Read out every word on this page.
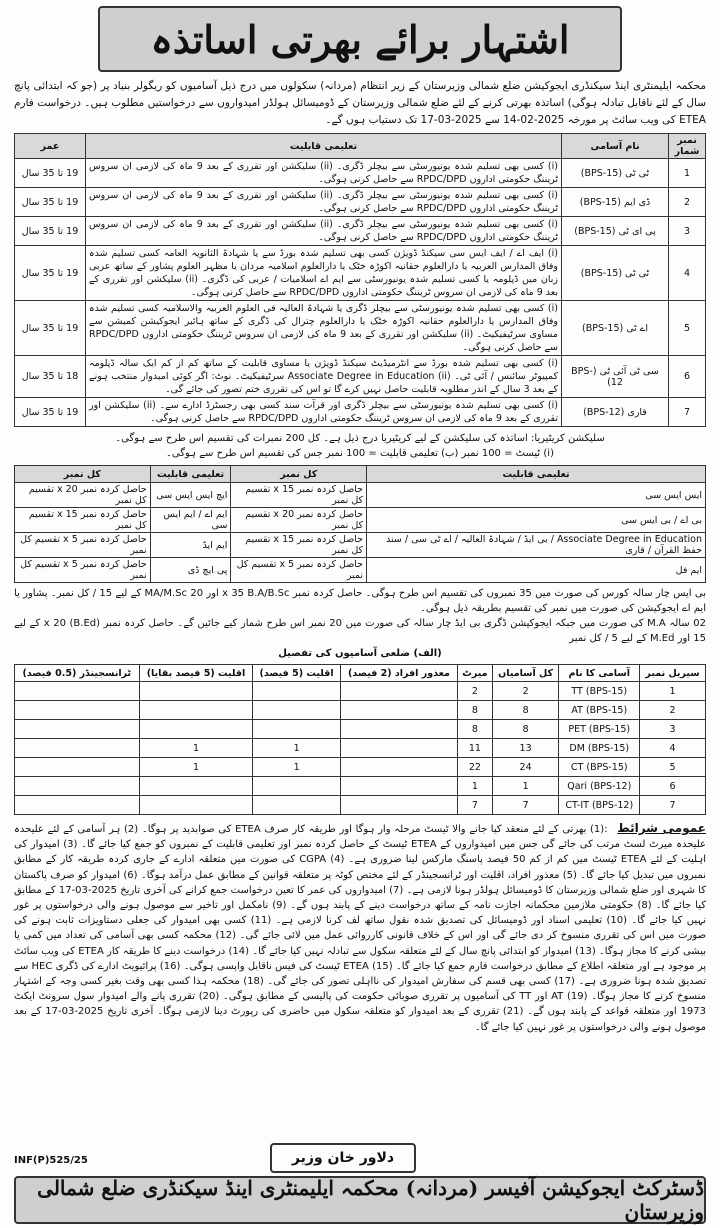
اشتہار برائے بھرتی اساتذہ
محکمہ ایلیمنٹری اینڈ سیکنڈری ایجوکیشن ضلع شمالی وزیرستان کے زیر انتظام (مردانہ) سکولوں میں درج ذیل آسامیوں کو ریگولر بنیاد پر (جو کہ ابتدائی پانچ سال کے لئے ناقابل تبادلہ ہوگی) اساتذہ بھرتی کرنے کے لئے ضلع شمالی وزیرستان کے ڈومیسائل ہولڈر امیدواروں سے درخواستیں مطلوب ہیں۔ درخواست فارم ETEA کی ویب سائٹ پر مورخہ 2025-02-14 سے 2025-03-17 تک دستیاب ہوں گے۔
عمر	تعلیمی قابلیت	نام آسامی	نمبر شمار
19 تا 35 سال	(i) کسی بھی تسلیم شدہ یونیورسٹی سے بیچلر ڈگری۔ (ii) سلیکشن اور تقرری کے بعد 9 ماہ کی لازمی ان سروس ٹریننگ حکومتی اداروں RPDC/DPD سے حاصل کرنی ہوگی۔	ٹی ٹی (BPS-15)	1
19 تا 35 سال	(i) کسی بھی تسلیم شدہ یونیورسٹی سے بیچلر ڈگری۔ (ii) سلیکشن اور تقرری کے بعد 9 ماہ کی لازمی ان سروس ٹریننگ حکومتی اداروں RPDC/DPD سے حاصل کرنی ہوگی۔	ڈی ایم (BPS-15)	2
19 تا 35 سال	(i) کسی بھی تسلیم شدہ یونیورسٹی سے بیچلر ڈگری۔ (ii) سلیکشن اور تقرری کے بعد 9 ماہ کی لازمی ان سروس ٹریننگ حکومتی اداروں RPDC/DPD سے حاصل کرنی ہوگی۔	پی ای ٹی (BPS-15)	3
19 تا 35 سال	(i) ایف اے / ایف ایس سی سیکنڈ ڈویژن کسی بھی تسلیم شدہ بورڈ سے یا شہادۃ الثانویہ العامہ کسی تسلیم شدہ وفاق المدارس العربیہ یا دارالعلوم حقانیہ اکوڑہ خٹک یا دارالعلوم اسلامیہ مردان یا مظہر العلوم پشاور کے ساتھ عربی زبان میں ڈپلومہ یا کسی تسلیم شدہ یونیورسٹی سے ایم اے اسلامیات / عربی کی ڈگری۔ (ii) سلیکشن اور تقرری کے بعد 9 ماہ کی لازمی ان سروس ٹریننگ حکومتی اداروں RPDC/DPD سے حاصل کرنی ہوگی۔	ٹی ٹی (BPS-15)	4
19 تا 35 سال	(i) کسی بھی تسلیم شدہ یونیورسٹی سے بیچلر ڈگری یا شہادۃ العالیہ فی العلوم العربیہ والاسلامیہ کسی تسلیم شدہ وفاق المدارس یا دارالعلوم حقانیہ اکوڑہ خٹک یا دارالعلوم چترال کی ڈگری کے ساتھ ہائیر ایجوکیشن کمیشن سے مساوی سرٹیفیکیٹ۔ (ii) سلیکشن اور تقرری کے بعد 9 ماہ کی لازمی ان سروس ٹریننگ حکومتی اداروں RPDC/DPD سے حاصل کرنی ہوگی۔	اے ٹی (BPS-15)	5
18 تا 35 سال	(i) کسی بھی تسلیم شدہ بورڈ سے انٹرمیڈیٹ سیکنڈ ڈویژن یا مساوی قابلیت کے ساتھ کم از کم ایک سالہ ڈپلومہ کمپیوٹر سائنس / آئی ٹی۔ (ii) Associate Degree in Education سرٹیفیکیٹ۔ نوٹ: اگر کوئی امیدوار منتخب ہونے کے بعد 3 سال کے اندر مطلوبہ قابلیت حاصل نہیں کرے گا تو اس کی تقرری ختم تصور کی جائے گی۔	سی ٹی آئی ٹی (BPS-12)	6
19 تا 35 سال	(i) کسی بھی تسلیم شدہ یونیورسٹی سے بیچلر ڈگری اور قرآت سند کسی بھی رجسٹرڈ ادارے سے۔ (ii) سلیکشن اور تقرری کے بعد 9 ماہ کی لازمی ان سروس ٹریننگ حکومتی اداروں RPDC/DPD سے حاصل کرنی ہوگی۔	قاری (BPS-12)	7
سلیکشن کریٹیریا: اساتذہ کی سلیکشن کے لیے کریٹیریا درج ذیل ہے۔ کل 200 نمبرات کی تقسیم اس طرح سے ہوگی۔
(i) ٹیسٹ = 100 نمبر (ب) تعلیمی قابلیت = 100 نمبر جس کی تقسیم اس طرح سے ہوگی۔
تعلیمی قابلیت	کل نمبر	تعلیمی قابلیت	کل نمبر
ایس ایس سی	حاصل کردہ نمبر x 15 تقسیم کل نمبر	ایچ ایس ایس سی	حاصل کردہ نمبر x 20 تقسیم کل نمبر
بی اے / بی ایس سی	حاصل کردہ نمبر x 20 تقسیم کل نمبر	ایم اے / ایم ایس سی	حاصل کردہ نمبر x 15 تقسیم کل نمبر
Associate Degree in Education / بی ایڈ / شہادۃ العالیہ / اے ٹی سی / سند حفظ القرآن / قاری	حاصل کردہ نمبر x 15 تقسیم کل نمبر	ایم ایڈ	حاصل کردہ نمبر x 5 تقسیم کل نمبر
ایم فل	حاصل کردہ نمبر x 5 تقسیم کل نمبر	پی ایچ ڈی	حاصل کردہ نمبر x 5 تقسیم کل نمبر
بی ایس چار سالہ کورس کی صورت میں 35 نمبروں کی تقسیم اس طرح ہوگی۔ حاصل کردہ نمبر x 35 B.A/B.Sc اور 20 MA/M.Sc کے لیے 15 / کل نمبر۔ پشاور یا ایم اے ایجوکیشن کی صورت میں نمبر کی تقسیم بطریقہ ذیل ہوگی۔
02 سالہ M.A کی صورت میں جبکہ ایجوکیشن ڈگری بی ایڈ چار سالہ کی صورت میں 20 نمبر اس طرح شمار کیے جائیں گے۔ حاصل کردہ نمبر x 20 (B.Ed) کے لیے 15 اور M.Ed کے لیے 5 / کل نمبر
(الف) ضلعی آسامیوں کی تفصیل
سیریل نمبر	آسامی کا نام	کل آسامیاں	میرٹ	معذور افراد (2 فیصد)	اقلیت (5 فیصد)	اقلیت (5 فیصد بقایا)	ٹرانسجینڈر (0.5 فیصد)
1	TT (BPS-15)	2	2				
2	AT (BPS-15)	8	8				
3	PET (BPS-15)	8	8				
4	DM (BPS-15)	13	11		1	1	
5	CT (BPS-15)	24	22		1	1	
6	Qari (BPS-12)	1	1				
7	CT-IT (BPS-12)	7	7				
عمومی شرائط :(1) بھرتی کے لئے منعقد کیا جانے والا ٹیسٹ مرحلہ وار ہوگا اور طریقہ کار صرف ETEA کی صوابدید پر ہوگا۔ (2) ہر آسامی کے لئے علیحدہ علیحدہ میرٹ لسٹ مرتب کی جائے گی جس میں امیدواروں کے ETEA ٹیسٹ کے حاصل کردہ نمبر اور تعلیمی قابلیت کے نمبروں کو جمع کیا جائے گا۔ (3) امیدوار کی اہلیت کے لئے ETEA ٹیسٹ میں کم از کم 50 فیصد پاسنگ مارکس لینا ضروری ہے۔ (4) CGPA کی صورت میں متعلقہ ادارے کے جاری کردہ طریقہ کار کے مطابق نمبروں میں تبدیل کیا جائے گا۔ (5) معذور افراد، اقلیت اور ٹرانسجینڈر کے لئے مختص کوٹہ پر متعلقہ قوانین کے مطابق عمل درآمد ہوگا۔ (6) امیدوار کو صرف پاکستان کا شہری اور ضلع شمالی وزیرستان کا ڈومیسائل ہولڈر ہونا لازمی ہے۔ (7) امیدواروں کی عمر کا تعین درخواست جمع کرانے کی آخری تاریخ 2025-03-17 کے مطابق کیا جائے گا۔ (8) حکومتی ملازمین محکمانہ اجازت نامہ کے ساتھ درخواست دینے کے پابند ہوں گے۔ (9) نامکمل اور تاخیر سے موصول ہونے والی درخواستوں پر غور نہیں کیا جائے گا۔ (10) تعلیمی اسناد اور ڈومیسائل کی تصدیق شدہ نقول ساتھ لف کرنا لازمی ہے۔ (11) کسی بھی امیدوار کی جعلی دستاویزات ثابت ہونے کی صورت میں اس کی تقرری منسوخ کر دی جائے گی اور اس کے خلاف قانونی کارروائی عمل میں لائی جائے گی۔ (12) محکمہ کسی بھی آسامی کی تعداد میں کمی یا بیشی کرنے کا مجاز ہوگا۔ (13) امیدوار کو ابتدائی پانچ سال کے لئے متعلقہ سکول سے تبادلہ نہیں کیا جائے گا۔ (14) درخواست دینے کا طریقہ کار ETEA کی ویب سائٹ پر موجود ہے اور متعلقہ اطلاع کے مطابق درخواست فارم جمع کیا جائے گا۔ (15) ETEA ٹیسٹ کی فیس ناقابل واپسی ہوگی۔ (16) پرائیویٹ ادارے کی ڈگری HEC سے تصدیق شدہ ہونا ضروری ہے۔ (17) کسی بھی قسم کی سفارش امیدوار کی نااہلی تصور کی جائے گی۔ (18) محکمہ ہذا کسی بھی وقت بغیر کسی وجہ کے اشتہار منسوخ کرنے کا مجاز ہوگا۔ (19) AT اور TT کی آسامیوں پر تقرری صوبائی حکومت کی پالیسی کے مطابق ہوگی۔ (20) تقرری پانے والے امیدوار سول سرونٹ ایکٹ 1973 اور متعلقہ قواعد کے پابند ہوں گے۔ (21) تقرری کے بعد امیدوار کو متعلقہ سکول میں حاضری کی رپورٹ دینا لازمی ہوگا۔ آخری تاریخ 2025-03-17 کے بعد موصول ہونے والی درخواستوں پر غور نہیں کیا جائے گا۔
دلاور خان وزیر
INF(P)525/25
ڈسٹرکٹ ایجوکیشن آفیسر (مردانہ) محکمہ ایلیمنٹری اینڈ سیکنڈری ضلع شمالی وزیرستان
